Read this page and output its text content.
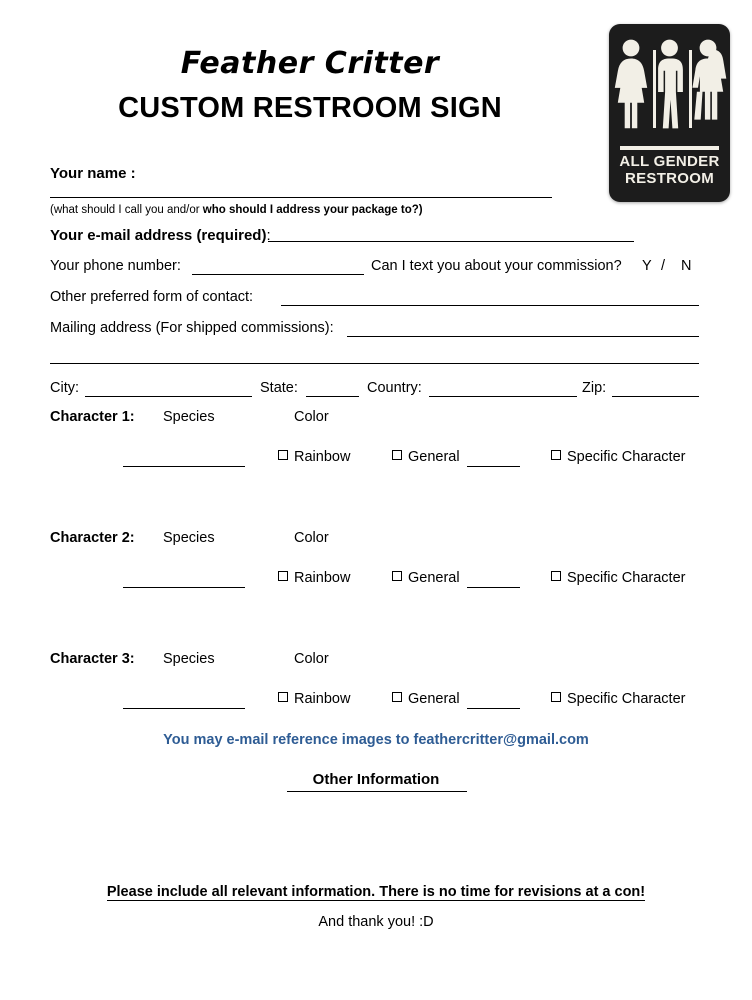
Feather Critter
CUSTOM RESTROOM SIGN
ALL GENDER
RESTROOM
Your name :
(what should I call you and/or who should I address your package to?)
Your e-mail address (required):
Your phone number:	Can I text you about your commission? Y / N
Other preferred form of contact:
Mailing address (For shipped commissions):
City:	State:	Country:	Zip:
Character 1: Species	Color
Rainbow	General	Specific Character
Character 2: Species	Color
Rainbow	General	Specific Character
Character 3: Species	Color
Rainbow	General	Specific Character
You may e-mail reference images to feathercritter@gmail.com
Other Information
Please include all relevant information. There is no time for revisions at a con!
And thank you! :D
